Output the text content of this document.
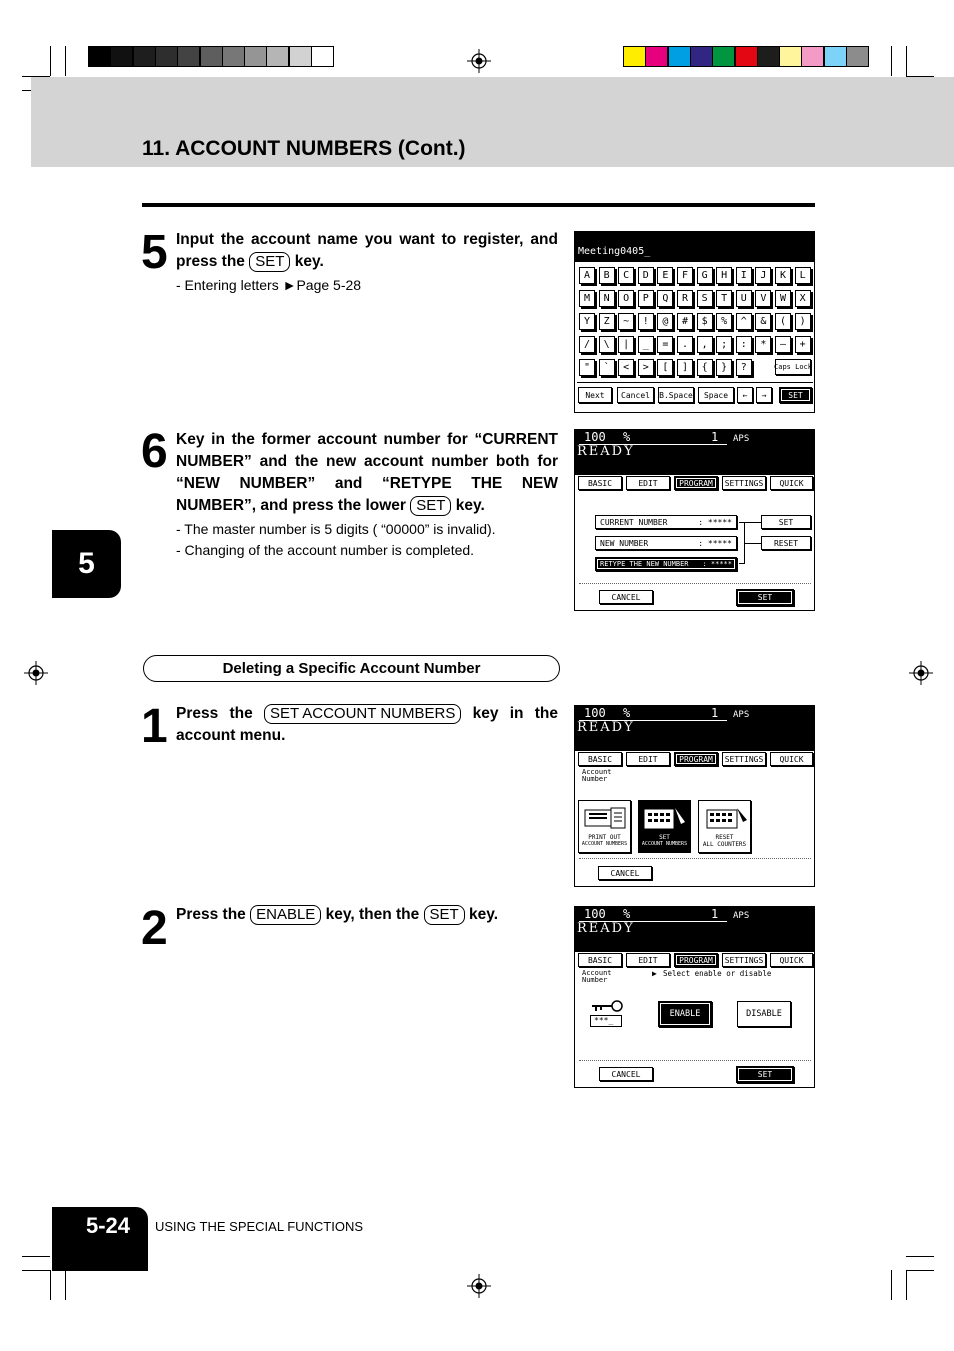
11. ACCOUNT NUMBERS (Cont.)
5
5 Input the account name you want to register, and press the SET key.
- Entering letters ►Page 5-28
Meeting0405_
A	B	C	D	E	F	G	H	I	J	K	L
M	N	O	P	Q	R	S	T	U	V	W	X
Y	Z	~	!	@	#	$	%	^	&	(	)
/	\	|	_	=	.	,	;	:	*	—	+
"	`	<	>	[	]	{	}	?	Caps Lock
Next	Cancel	B.Space	Space	←	→	SET
6 Key in the former account number for “CURRENT NUMBER” and the new account number both for “NEW NUMBER” and “RETYPE THE NEW NUMBER”, and press the lower SET key.
- The master number is 5 digits ( “00000” is invalid).
- Changing of the account number is completed.
100 %	1 APS
READY
BASIC	EDIT	PROGRAM	SETTINGS	QUICK
CURRENT NUMBER	: *****
NEW NUMBER	: *****
RETYPE THE NEW NUMBER : *****
SET
RESET
CANCEL	SET
Deleting a Specific Account Number
1 Press the SET ACCOUNT NUMBERS key in the account menu.
100 %	1 APS
READY
BASIC	EDIT	PROGRAM	SETTINGS	QUICK
Account
Number
PRINT OUT
ACCOUNT NUMBERS
SET
ACCOUNT NUMBERS
RESET
ALL COUNTERS
CANCEL
2 Press the ENABLE key, then the SET key.	100 %	1 APS
READY
BASIC	EDIT	PROGRAM	SETTINGS	QUICK
Account
Number
▶ Select enable or disable
***_
ENABLE	DISABLE
CANCEL	SET
5-24	USING THE SPECIAL FUNCTIONS
